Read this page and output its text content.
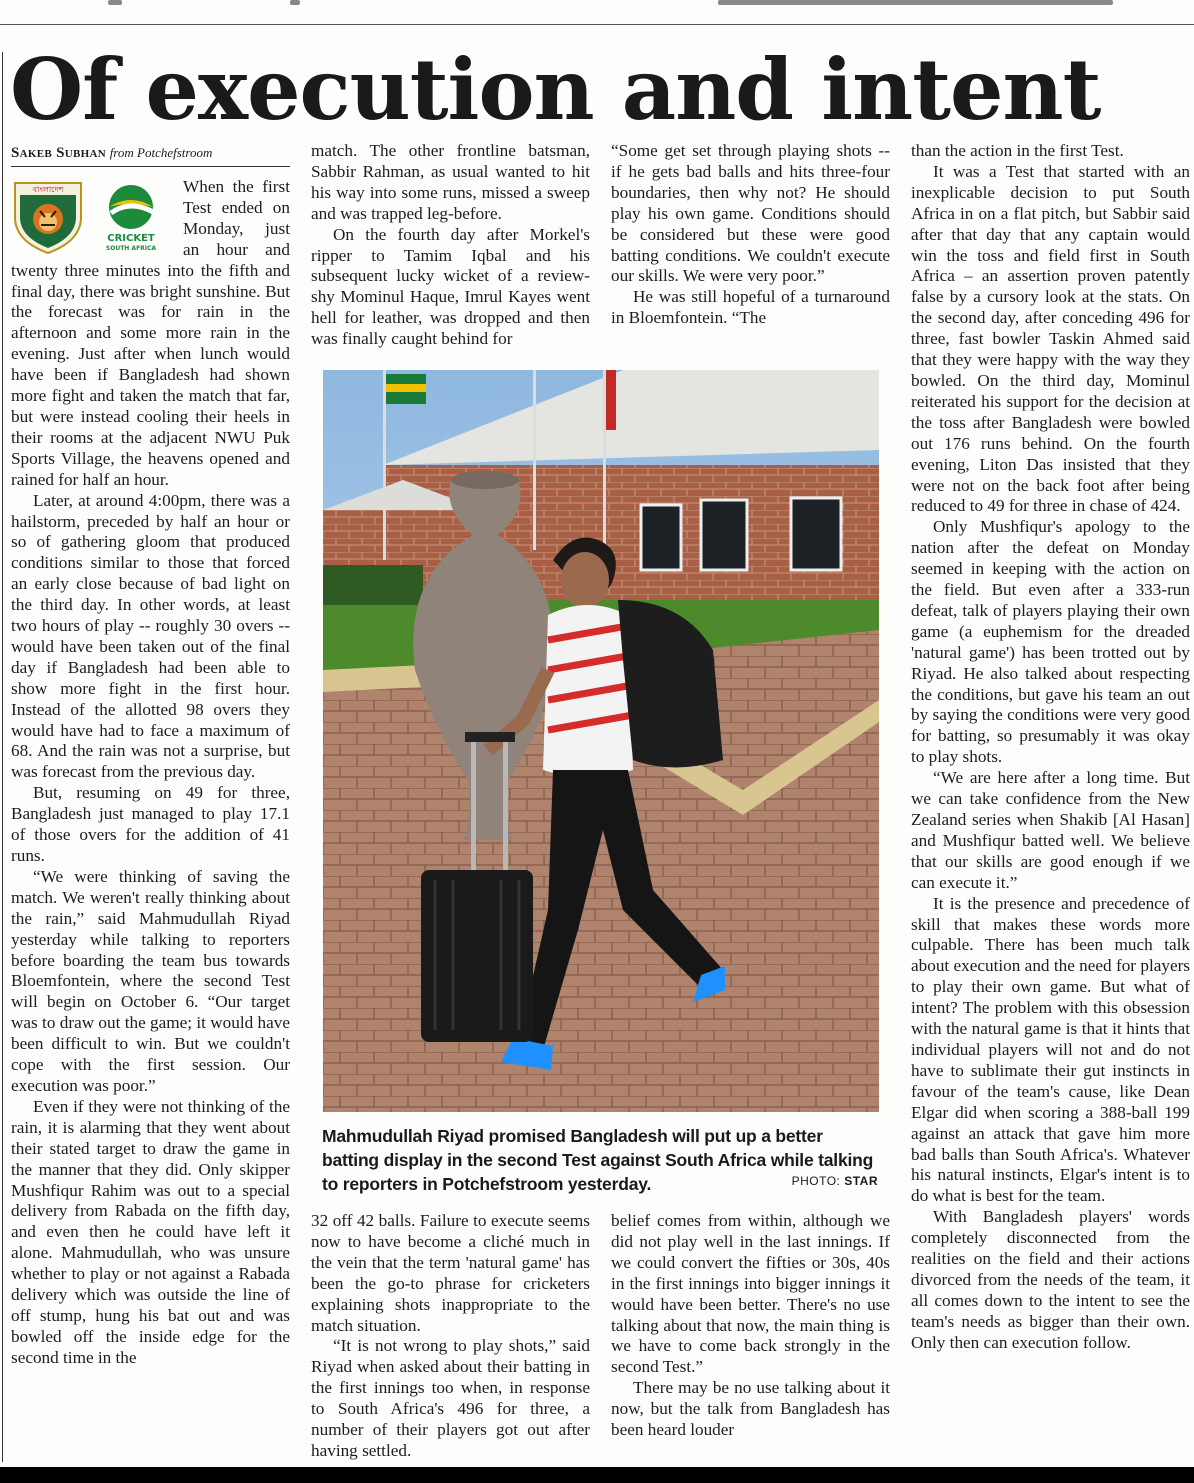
Of execution and intent
Sakeb Subhan from Potchefstroom
বাংলাদেশ
CRICKET
SOUTH AFRICA

When the first Test ended on Monday, just an hour and twenty three minutes into the fifth and final day, there was bright sunshine. But the forecast was for rain in the afternoon and some more rain in the evening. Just after when lunch would have been if Bangladesh had shown more fight and taken the match that far, but were instead cooling their heels in their rooms at the adjacent NWU Puk Sports Village, the heavens opened and rained for half an hour.

Later, at around 4:00pm, there was a hailstorm, preceded by half an hour or so of gathering gloom that produced conditions similar to those that forced an early close because of bad light on the third day. In other words, at least two hours of play -- roughly 30 overs -- would have been taken out of the final day if Bangladesh had been able to show more fight in the first hour. Instead of the allotted 98 overs they would have had to face a maximum of 68. And the rain was not a surprise, but was forecast from the previous day.

But, resuming on 49 for three, Bangladesh just managed to play 17.1 of those overs for the addition of 41 runs.

“We were thinking of saving the match. We weren't really thinking about the rain,” said Mahmudullah Riyad yesterday while talking to reporters before boarding the team bus towards Bloemfontein, where the second Test will begin on October 6. “Our target was to draw out the game; it would have been difficult to win. But we couldn't cope with the first session. Our execution was poor.”

Even if they were not thinking of the rain, it is alarming that they went about their stated target to draw the game in the manner that they did. Only skipper Mushfiqur Rahim was out to a special delivery from Rabada on the fifth day, and even then he could have left it alone. Mahmudullah, who was unsure whether to play or not against a Rabada delivery which was outside the line of off stump, hung his bat out and was bowled off the inside edge for the second time in the

match. The other frontline batsman, Sabbir Rahman, as usual wanted to hit his way into some runs, missed a sweep and was trapped leg-before.

On the fourth day after Morkel's ripper to Tamim Iqbal and his subsequent lucky wicket of a review-shy Mominul Haque, Imrul Kayes went hell for leather, was dropped and then was finally caught behind for

“Some get set through playing shots -- if he gets bad balls and hits three-four boundaries, then why not? He should play his own game. Conditions should be considered but these were good batting conditions. We couldn't execute our skills. We were very poor.”

He was still hopeful of a turnaround in Bloemfontein. “The

Mahmudullah Riyad promised Bangladesh will put up a better batting display in the second Test against South Africa while talking to reporters in Potchefstroom yesterday.	PHOTO: STAR

32 off 42 balls. Failure to execute seems now to have become a cliché much in the vein that the term 'natural game' has been the go-to phrase for cricketers explaining shots inappropriate to the match situation.

“It is not wrong to play shots,” said Riyad when asked about their batting in the first innings too when, in response to South Africa's 496 for three, a number of their players got out after having settled.

belief comes from within, although we did not play well in the last innings. If we could convert the fifties or 30s, 40s in the first innings into bigger innings it would have been better. There's no use talking about that now, the main thing is we have to come back strongly in the second Test.”

There may be no use talking about it now, but the talk from Bangladesh has been heard louder

than the action in the first Test.

It was a Test that started with an inexplicable decision to put South Africa in on a flat pitch, but Sabbir said after that day that any captain would win the toss and field first in South Africa – an assertion proven patently false by a cursory look at the stats. On the second day, after conceding 496 for three, fast bowler Taskin Ahmed said that they were happy with the way they bowled. On the third day, Mominul reiterated his support for the decision at the toss after Bangladesh were bowled out 176 runs behind. On the fourth evening, Liton Das insisted that they were not on the back foot after being reduced to 49 for three in chase of 424.

Only Mushfiqur's apology to the nation after the defeat on Monday seemed in keeping with the action on the field. But even after a 333-run defeat, talk of players playing their own game (a euphemism for the dreaded 'natural game') has been trotted out by Riyad. He also talked about respecting the conditions, but gave his team an out by saying the conditions were very good for batting, so presumably it was okay to play shots.

“We are here after a long time. But we can take confidence from the New Zealand series when Shakib [Al Hasan] and Mushfiqur batted well. We believe that our skills are good enough if we can execute it.”

It is the presence and precedence of skill that makes these words more culpable. There has been much talk about execution and the need for players to play their own game. But what of intent? The problem with this obsession with the natural game is that it hints that individual players will not and do not have to sublimate their gut instincts in favour of the team's cause, like Dean Elgar did when scoring a 388-ball 199 against an attack that gave him more bad balls than South Africa's. Whatever his natural instincts, Elgar's intent is to do what is best for the team.

With Bangladesh players' words completely disconnected from the realities on the field and their actions divorced from the needs of the team, it all comes down to the intent to see the team's needs as bigger than their own. Only then can execution follow.
